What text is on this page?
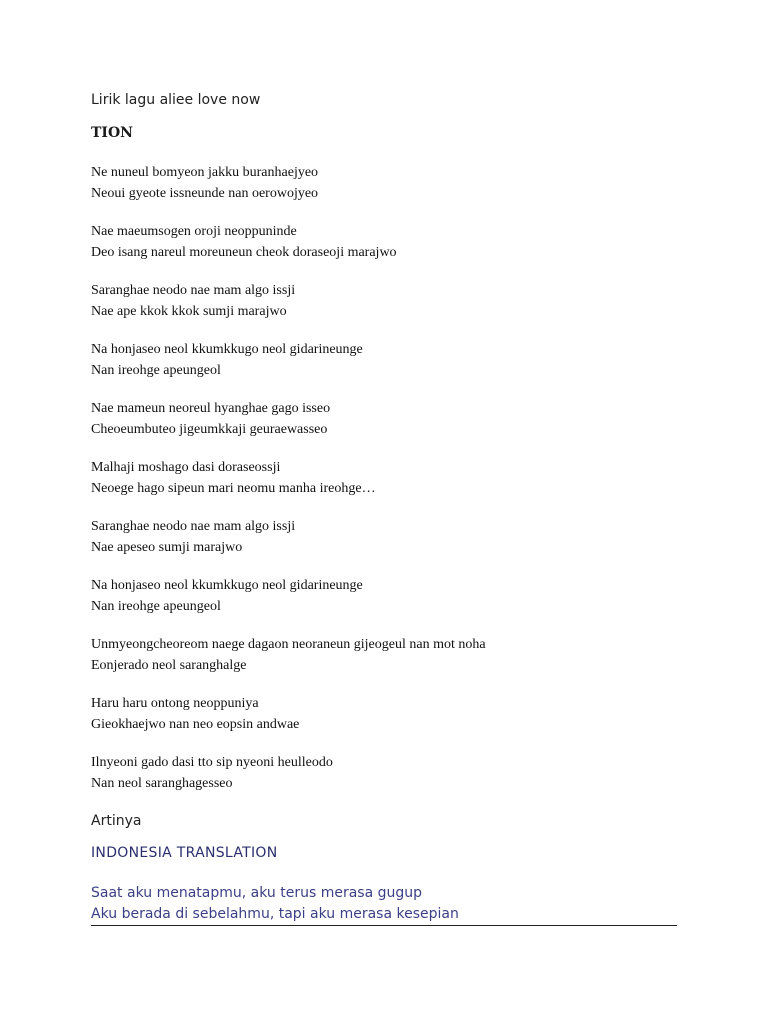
Lirik lagu aliee love now
TION
Ne nuneul bomyeon jakku buranhaejyeo
Neoui gyeote issneunde nan oerowojyeo
Nae maeumsogen oroji neoppuninde
Deo isang nareul moreuneun cheok doraseoji marajwo
Saranghae neodo nae mam algo issji
Nae ape kkok kkok sumji marajwo
Na honjaseo neol kkumkkugo neol gidarineunge
Nan ireohge apeungeol
Nae mameun neoreul hyanghae gago isseo
Cheoeumbuteo jigeumkkaji geuraewasseo
Malhaji moshago dasi doraseossji
Neoege hago sipeun mari neomu manha ireohge…
Saranghae neodo nae mam algo issji
Nae apeseo sumji marajwo
Na honjaseo neol kkumkkugo neol gidarineunge
Nan ireohge apeungeol
Unmyeongcheoreom naege dagaon neoraneun gijeogeul nan mot noha
Eonjerado neol saranghalge
Haru haru ontong neoppuniya
Gieokhaejwo nan neo eopsin andwae
Ilnyeoni gado dasi tto sip nyeoni heulleodo
Nan neol saranghagesseo
Artinya
INDONESIA TRANSLATION
Saat aku menatapmu, aku terus merasa gugup
Aku berada di sebelahmu, tapi aku merasa kesepian
